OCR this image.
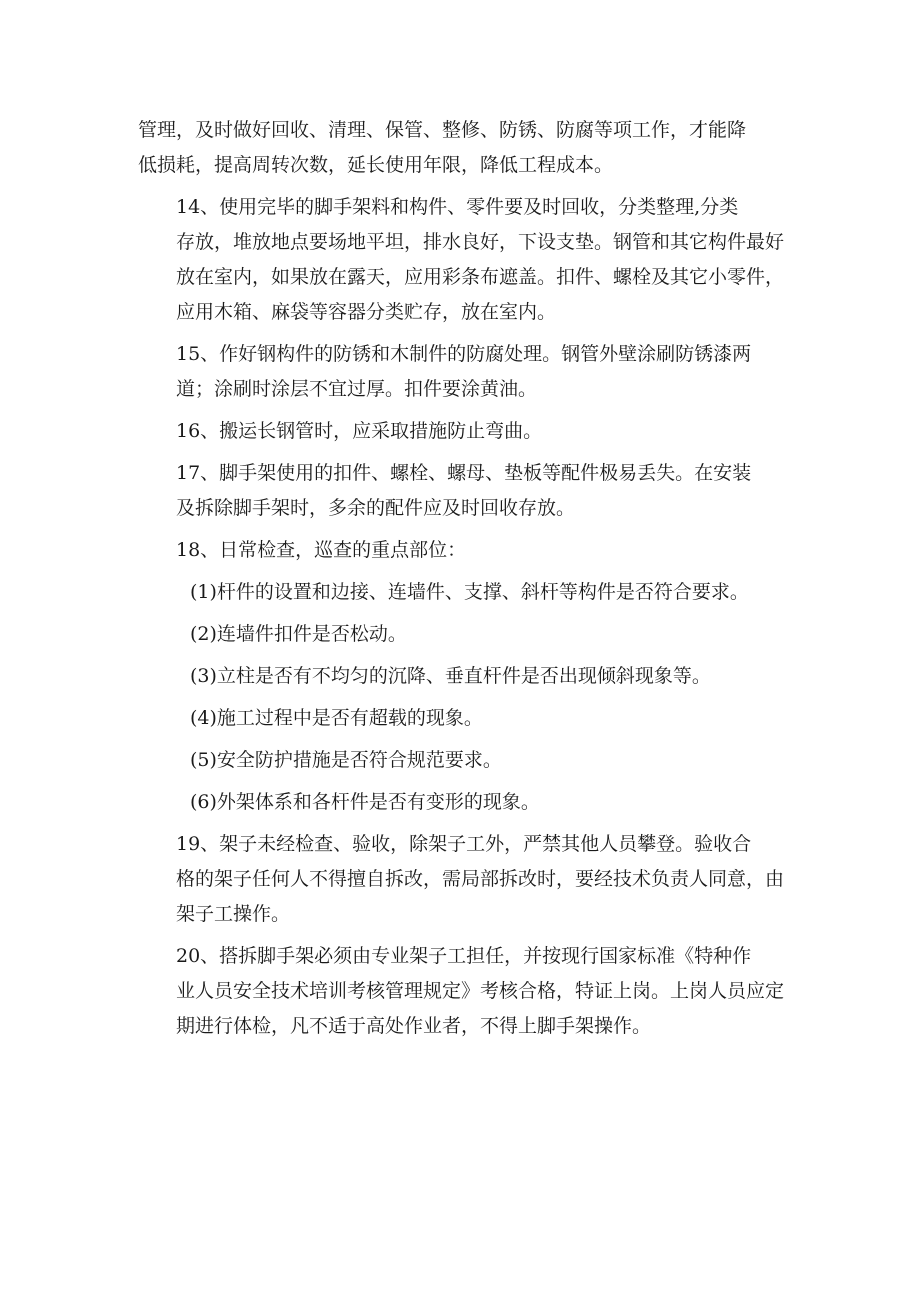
管理，及时做好回收、清理、保管、整修、防锈、防腐等项工作，才能降
低损耗，提高周转次数，延长使用年限，降低工程成本。

14、使用完毕的脚手架料和构件、零件要及时回收，分类整理,分类
存放，堆放地点要场地平坦，排水良好，下设支垫。钢管和其它构件最好
放在室内，如果放在露天，应用彩条布遮盖。扣件、螺栓及其它小零件，
应用木箱、麻袋等容器分类贮存，放在室内。

15、作好钢构件的防锈和木制件的防腐处理。钢管外壁涂刷防锈漆两
道；涂刷时涂层不宜过厚。扣件要涂黄油。

16、搬运长钢管时，应采取措施防止弯曲。

17、脚手架使用的扣件、螺栓、螺母、垫板等配件极易丢失。在安装
及拆除脚手架时，多余的配件应及时回收存放。

18、日常检查，巡查的重点部位：

(1)杆件的设置和边接、连墙件、支撑、斜杆等构件是否符合要求。

(2)连墙件扣件是否松动。

(3)立柱是否有不均匀的沉降、垂直杆件是否出现倾斜现象等。

(4)施工过程中是否有超载的现象。

(5)安全防护措施是否符合规范要求。

(6)外架体系和各杆件是否有变形的现象。

19、架子未经检查、验收，除架子工外，严禁其他人员攀登。验收合
格的架子任何人不得擅自拆改，需局部拆改时，要经技术负责人同意，由
架子工操作。

20、搭拆脚手架必须由专业架子工担任，并按现行国家标准《特种作
业人员安全技术培训考核管理规定》考核合格，特证上岗。上岗人员应定
期进行体检，凡不适于高处作业者，不得上脚手架操作。
